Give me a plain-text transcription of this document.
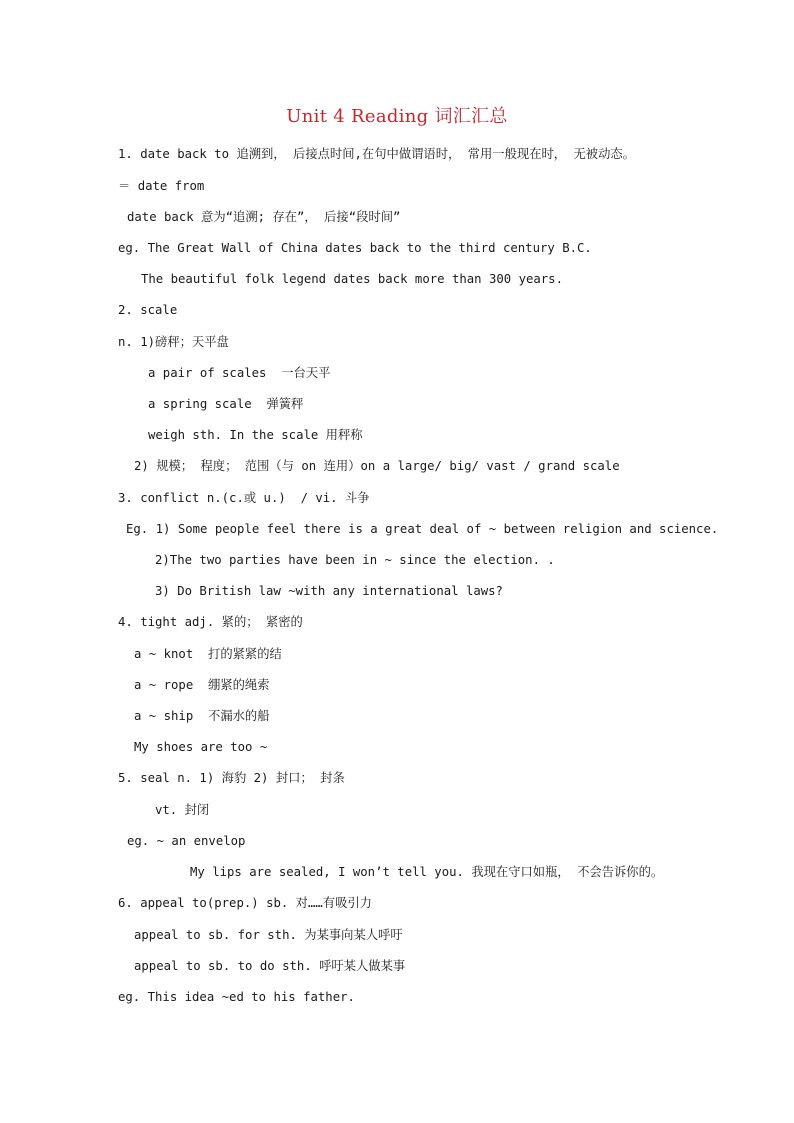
Unit 4 Reading 词汇汇总
1. date back to 追溯到， 后接点时间,在句中做谓语时， 常用一般现在时， 无被动态。
＝ date from
date back 意为“追溯; 存在”， 后接“段时间”
eg. The Great Wall of China dates back to the third century B.C.
The beautiful folk legend dates back more than 300 years.
2. scale
n. 1)磅秤；天平盘
a pair of scales  一台天平
a spring scale  弹簧秤
weigh sth. In the scale 用秤称
2) 规模； 程度； 范围（与 on 连用）on a large/ big/ vast / grand scale
3. conflict n.(c.或 u.)  / vi. 斗争
Eg. 1) Some people feel there is a great deal of ~ between religion and science.
2)The two parties have been in ~ since the election. .
3) Do British law ~with any international laws?
4. tight adj. 紧的； 紧密的
a ~ knot  打的紧紧的结
a ~ rope  绷紧的绳索
a ~ ship  不漏水的船
My shoes are too ~
5. seal n. 1) 海豹 2) 封口； 封条
vt. 封闭
eg. ~ an envelop
My lips are sealed, I won’t tell you. 我现在守口如瓶， 不会告诉你的。
6. appeal to(prep.) sb. 对……有吸引力
appeal to sb. for sth. 为某事向某人呼吁
appeal to sb. to do sth. 呼吁某人做某事
eg. This idea ~ed to his father.
